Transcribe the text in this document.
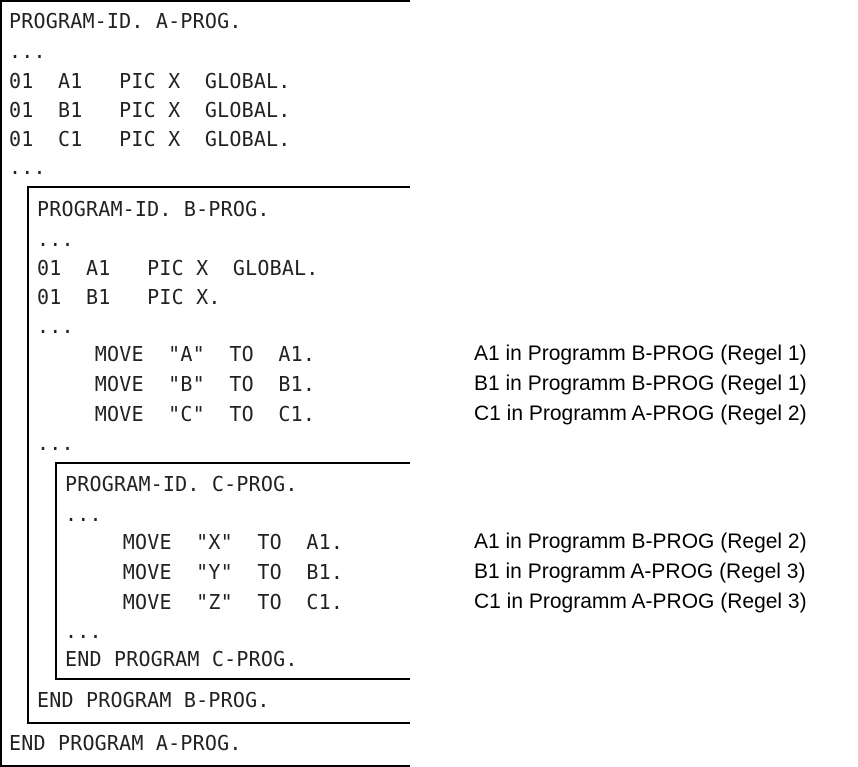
PROGRAM-ID. A-PROG.
...
01  A1   PIC X  GLOBAL.
01  B1   PIC X  GLOBAL.
01  C1   PIC X  GLOBAL.
...
END PROGRAM A-PROG.
PROGRAM-ID. B-PROG.
...
01  A1   PIC X  GLOBAL.
01  B1   PIC X.
...
MOVE  "A"  TO  A1.
MOVE  "B"  TO  B1.
MOVE  "C"  TO  C1.
...
END PROGRAM B-PROG.
PROGRAM-ID. C-PROG.
...
MOVE  "X"  TO  A1.
MOVE  "Y"  TO  B1.
MOVE  "Z"  TO  C1.
...
END PROGRAM C-PROG.
A1 in Programm B-PROG (Regel 1)
B1 in Programm B-PROG (Regel 1)
C1 in Programm A-PROG (Regel 2)
A1 in Programm B-PROG (Regel 2)
B1 in Programm A-PROG (Regel 3)
C1 in Programm A-PROG (Regel 3)
